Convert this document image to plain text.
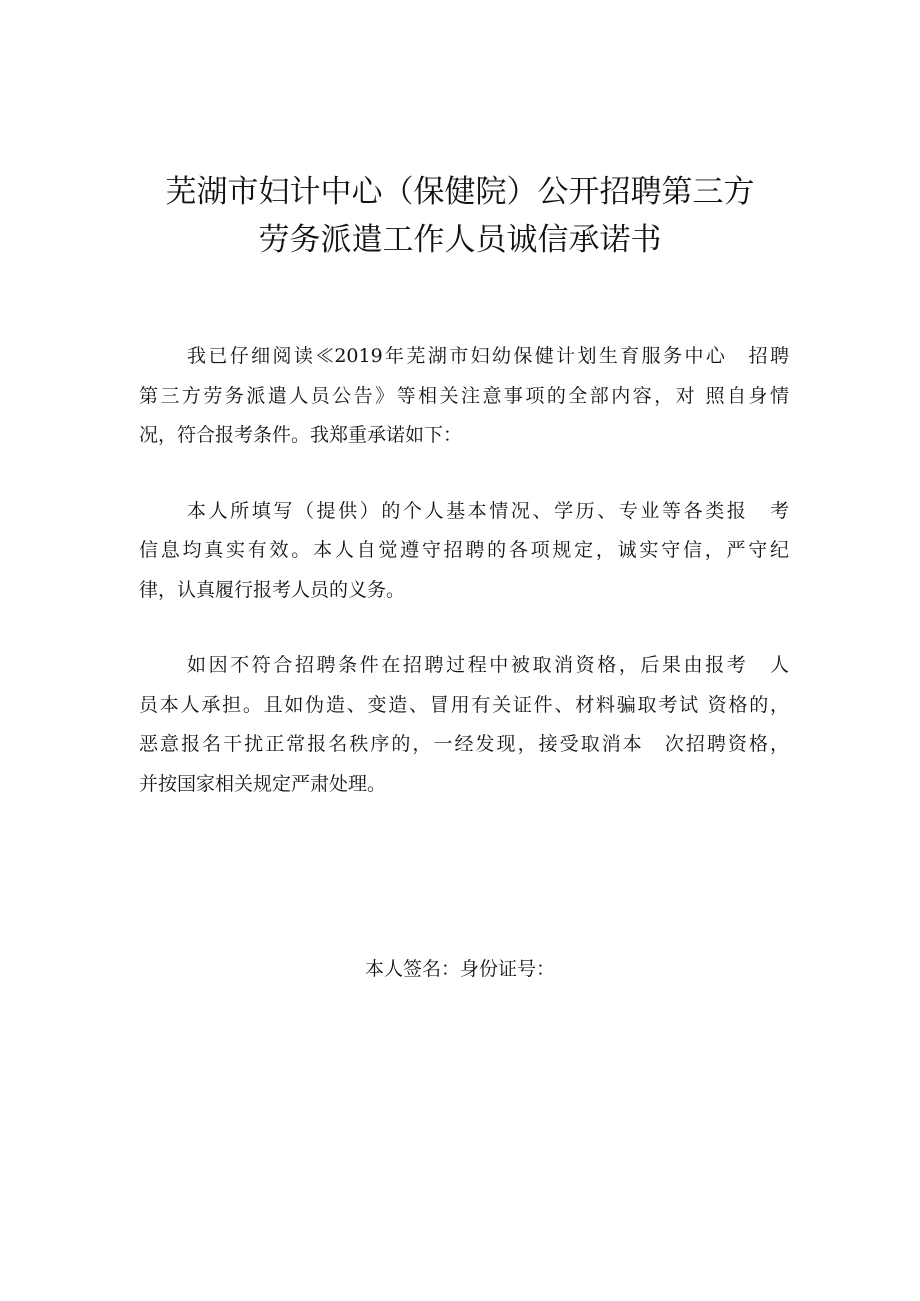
芜湖市妇计中心（保健院）公开招聘第三方
劳务派遣工作人员诚信承诺书

我已仔细阅读≪2019年芜湖市妇幼保健计划生育服务中心　招聘
第三方劳务派遣人员公告》等相关注意事项的全部内容，对 照自身情
况，符合报考条件。我郑重承诺如下：

本人所填写（提供）的个人基本情况、学历、专业等各类报　考
信息均真实有效。本人自觉遵守招聘的各项规定，诚实守信，严守纪
律，认真履行报考人员的义务。

如因不符合招聘条件在招聘过程中被取消资格，后果由报考　人
员本人承担。且如伪造、变造、冒用有关证件、材料骗取考试 资格的，
恶意报名干扰正常报名秩序的，一经发现，接受取消本　次招聘资格，
并按国家相关规定严肃处理。

本人签名：身份证号：
